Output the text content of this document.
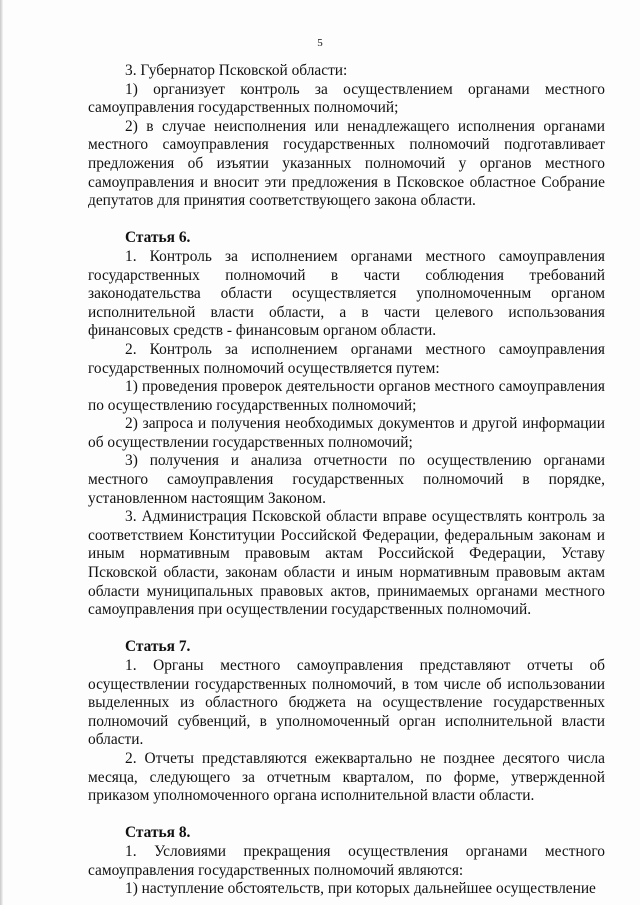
5

3. Губернатор Псковской области:

1) организует контроль за осуществлением органами местного самоуправления государственных полномочий;

2) в случае неисполнения или ненадлежащего исполнения органами местного самоуправления государственных полномочий подготавливает предложения об изъятии указанных полномочий у органов местного самоуправления и вносит эти предложения в Псковское областное Собрание депутатов для принятия соответствующего закона области.

Статья 6.

1. Контроль за исполнением органами местного самоуправления государственных полномочий в части соблюдения требований законодательства области осуществляется уполномоченным органом исполнительной власти области, а в части целевого использования финансовых средств - финансовым органом области.

2. Контроль за исполнением органами местного самоуправления государственных полномочий осуществляется путем:

1) проведения проверок деятельности органов местного самоуправления по осуществлению государственных полномочий;

2) запроса и получения необходимых документов и другой информации об осуществлении государственных полномочий;

3) получения и анализа отчетности по осуществлению органами местного самоуправления государственных полномочий в порядке, установленном настоящим Законом.

3. Администрация Псковской области вправе осуществлять контроль за соответствием Конституции Российской Федерации, федеральным законам и иным нормативным правовым актам Российской Федерации, Уставу Псковской области, законам области и иным нормативным правовым актам области муниципальных правовых актов, принимаемых органами местного самоуправления при осуществлении государственных полномочий.

Статья 7.

1. Органы местного самоуправления представляют отчеты об осуществлении государственных полномочий, в том числе об использовании выделенных из областного бюджета на осуществление государственных полномочий субвенций, в уполномоченный орган исполнительной власти области.

2. Отчеты представляются ежеквартально не позднее десятого числа месяца, следующего за отчетным кварталом, по форме, утвержденной приказом уполномоченного органа исполнительной власти области.

Статья 8.

1. Условиями прекращения осуществления органами местного самоуправления государственных полномочий являются:

1) наступление обстоятельств, при которых дальнейшее осуществление
